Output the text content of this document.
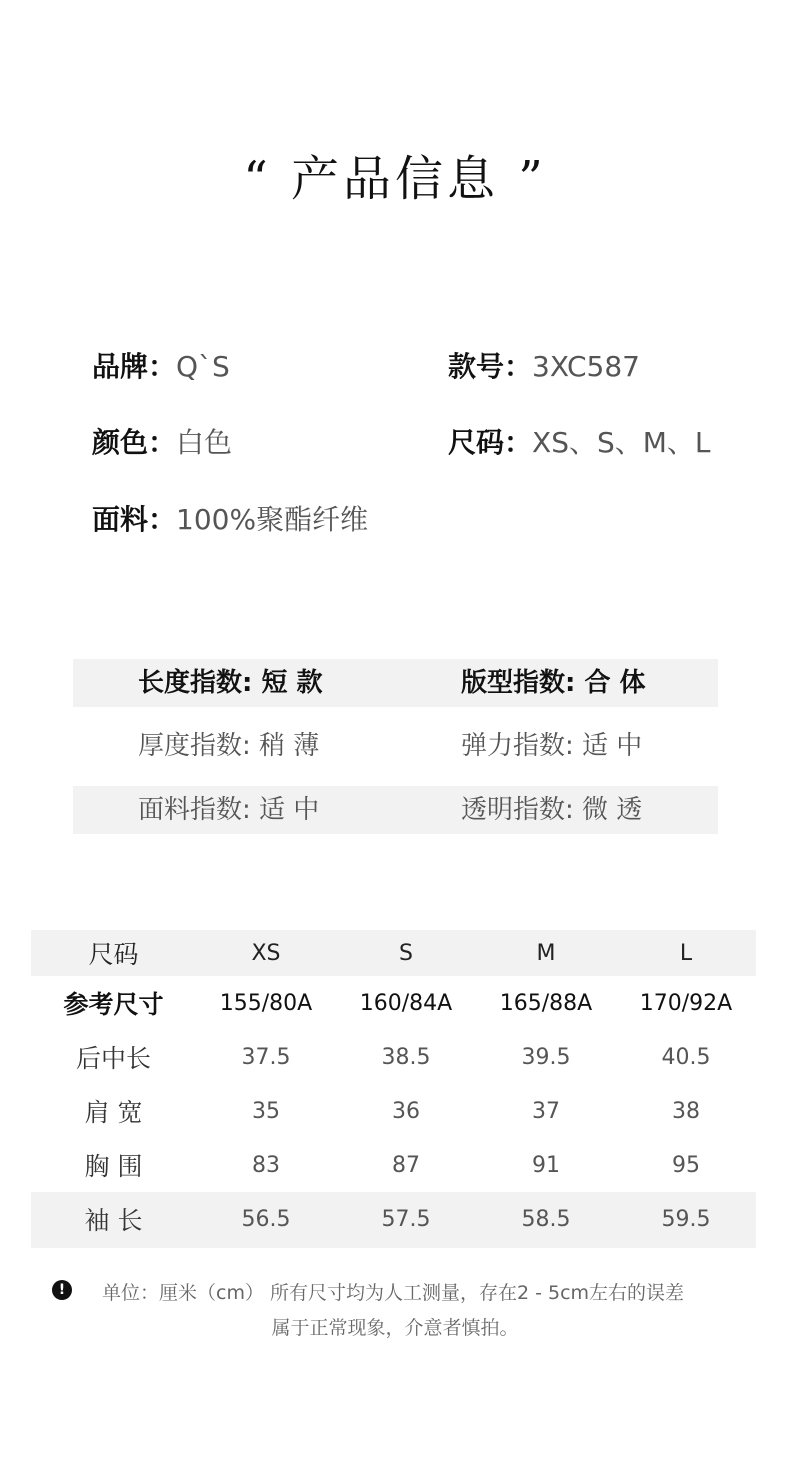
“ 产品信息 ”
品牌：Q`S	款号：3XC587
颜色：白色	尺码：XS、S、M、L
面料：100%聚酯纤维
长度指数: 短 款	版型指数: 合 体
厚度指数: 稍 薄	弹力指数: 适 中
面料指数: 适 中	透明指数: 微 透
尺码	XS	S	M	L
参考尺寸	155/80A	160/84A	165/88A	170/92A
后中长	37.5	38.5	39.5	40.5
肩 宽	35	36	37	38
胸 围	83	87	91	95
袖 长	56.5	57.5	58.5	59.5
!	单位：厘米（cm） 所有尺寸均为人工测量，存在2 - 5cm左右的误差
属于正常现象，介意者慎拍。
